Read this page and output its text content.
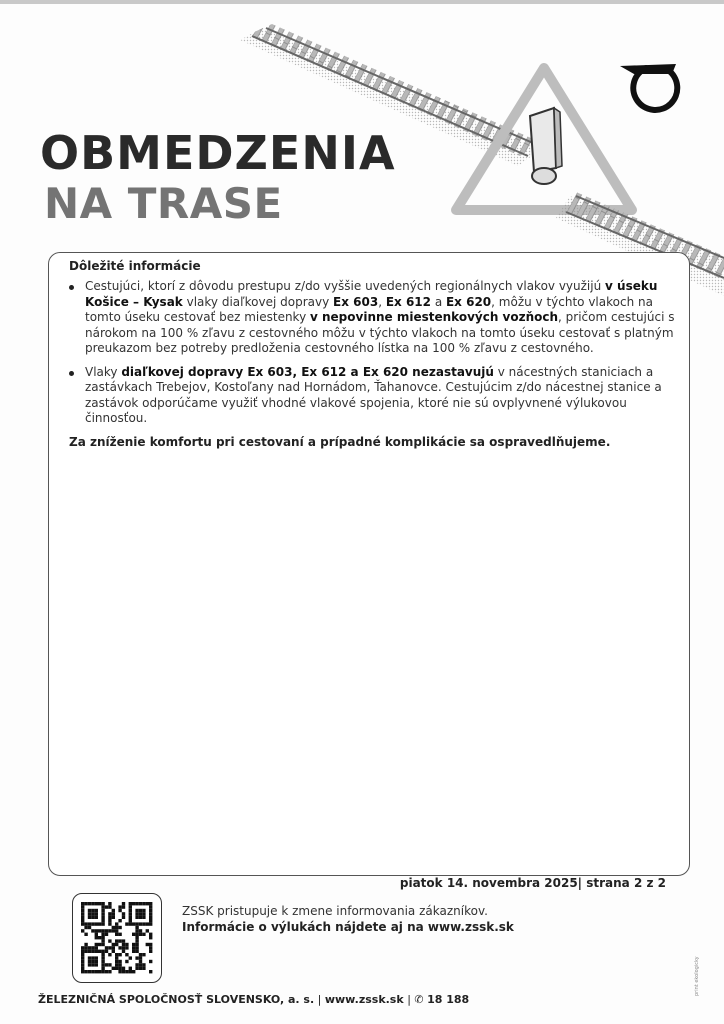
OBMEDZENIA
NA TRASE
Dôležité informácie
Cestujúci, ktorí z dôvodu prestupu z/do vyššie uvedených regionálnych vlakov využijú v úseku Košice – Kysak vlaky diaľkovej dopravy Ex 603, Ex 612 a Ex 620, môžu v týchto vlakoch na tomto úseku cestovať bez miestenky v nepovinne miestenkových vozňoch, pričom cestujúci s nárokom na 100 % zľavu z cestovného môžu v týchto vlakoch na tomto úseku cestovať s platným preukazom bez potreby predloženia cestovného lístka na 100 % zľavu z cestovného.
Vlaky diaľkovej dopravy Ex 603, Ex 612 a Ex 620 nezastavujú v nácestných staniciach a zastávkach Trebejov, Kostoľany nad Hornádom, Ťahanovce. Cestujúcim z/do nácestnej stanice a zastávok odporúčame využiť vhodné vlakové spojenia, ktoré nie sú ovplyvnené výlukovou činnosťou.
Za zníženie komfortu pri cestovaní a prípadné komplikácie sa ospravedlňujeme.
piatok 14. novembra 2025| strana 2 z 2
ZSSK pristupuje k zmene informovania zákazníkov.
Informácie o výlukách nájdete aj na www.zssk.sk
ŽELEZNIČNÁ SPOLOČNOSŤ SLOVENSKO, a. s. | www.zssk.sk | ✆ 18 188
print ekologicky
